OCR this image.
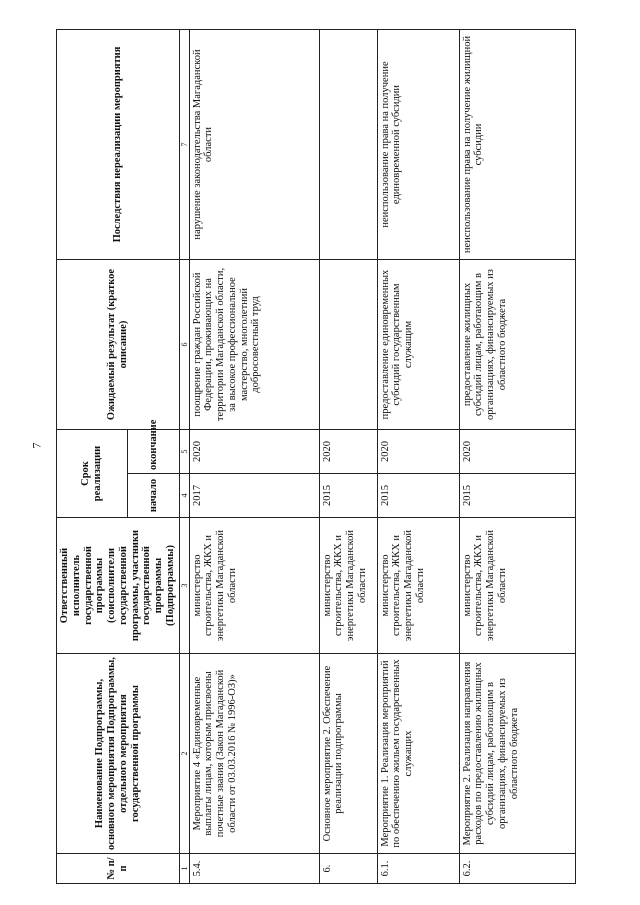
7
№ п/п	Наименование Подпрограммы, основного мероприятия Подпрограммы, отдельного мероприятия государственной программы	Ответственный исполнитель государственной программы (соисполнители государственной программы, участники государственной программы (Подпрограммы)	Срок реализации		Ожидаемый результат (краткое описание)	Последствия нереализации мероприятия
			начало	окончание		
1	2	3	4	5	6	7
5.4.	Мероприятие 4 «Единовременные выплаты лицам, которым присвоены почетные звания (Закон Магаданской области от 03.03.2016 № 1996-ОЗ)»	министерство строительства, ЖКХ и энергетики Магаданской области	2017	2020	поощрение граждан Российской Федерации, проживающих на территории Магаданской области, за высокое профессиональное мастерство, многолетний добросовестный труд	нарушение законодательства Магаданской области
6.	Основное мероприятие 2. Обеспечение реализации подпрограммы	министерство строительства, ЖКХ и энергетики Магаданской области	2015	2020		
6.1.	Мероприятие 1. Реализация мероприятий по обеспечению жильем государственных служащих	министерство строительства, ЖКХ и энергетики Магаданской области	2015	2020	предоставление единовременных субсидий государственным служащим	неиспользование права на получение единовременной субсидии
6.2.	Мероприятие 2. Реализация направления расходов по предоставлению жилищных субсидий лицам, работающим в организациях, финансируемых из областного бюджета	министерство строительства, ЖКХ и энергетики Магаданской области	2015	2020	предоставление жилищных субсидий лицам, работающим в организациях, финансируемых из областного бюджета	неиспользование права на получение жилищной субсидии
